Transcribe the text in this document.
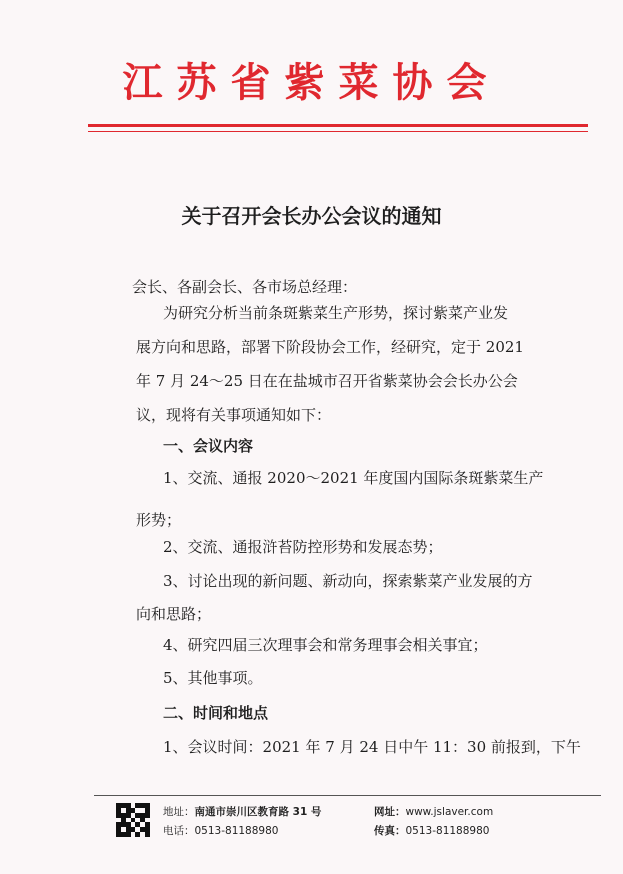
江苏省紫菜协会
关于召开会长办公会议的通知
会长、各副会长、各市场总经理：
为研究分析当前条斑紫菜生产形势，探讨紫菜产业发
展方向和思路，部署下阶段协会工作，经研究，定于 2021
年 7 月 24～25 日在在盐城市召开省紫菜协会会长办公会
议，现将有关事项通知如下：
一、会议内容
1、交流、通报 2020～2021 年度国内国际条斑紫菜生产
形势；
2、交流、通报浒苔防控形势和发展态势；
3、讨论出现的新问题、新动向，探索紫菜产业发展的方
向和思路；
4、研究四届三次理事会和常务理事会相关事宜；
5、其他事项。
二、时间和地点
1、会议时间：2021 年 7 月 24 日中午 11：30 前报到，下午
地址：南通市崇川区教育路 31 号
电话：0513-81188980
网址：www.jslaver.com
传真：0513-81188980
